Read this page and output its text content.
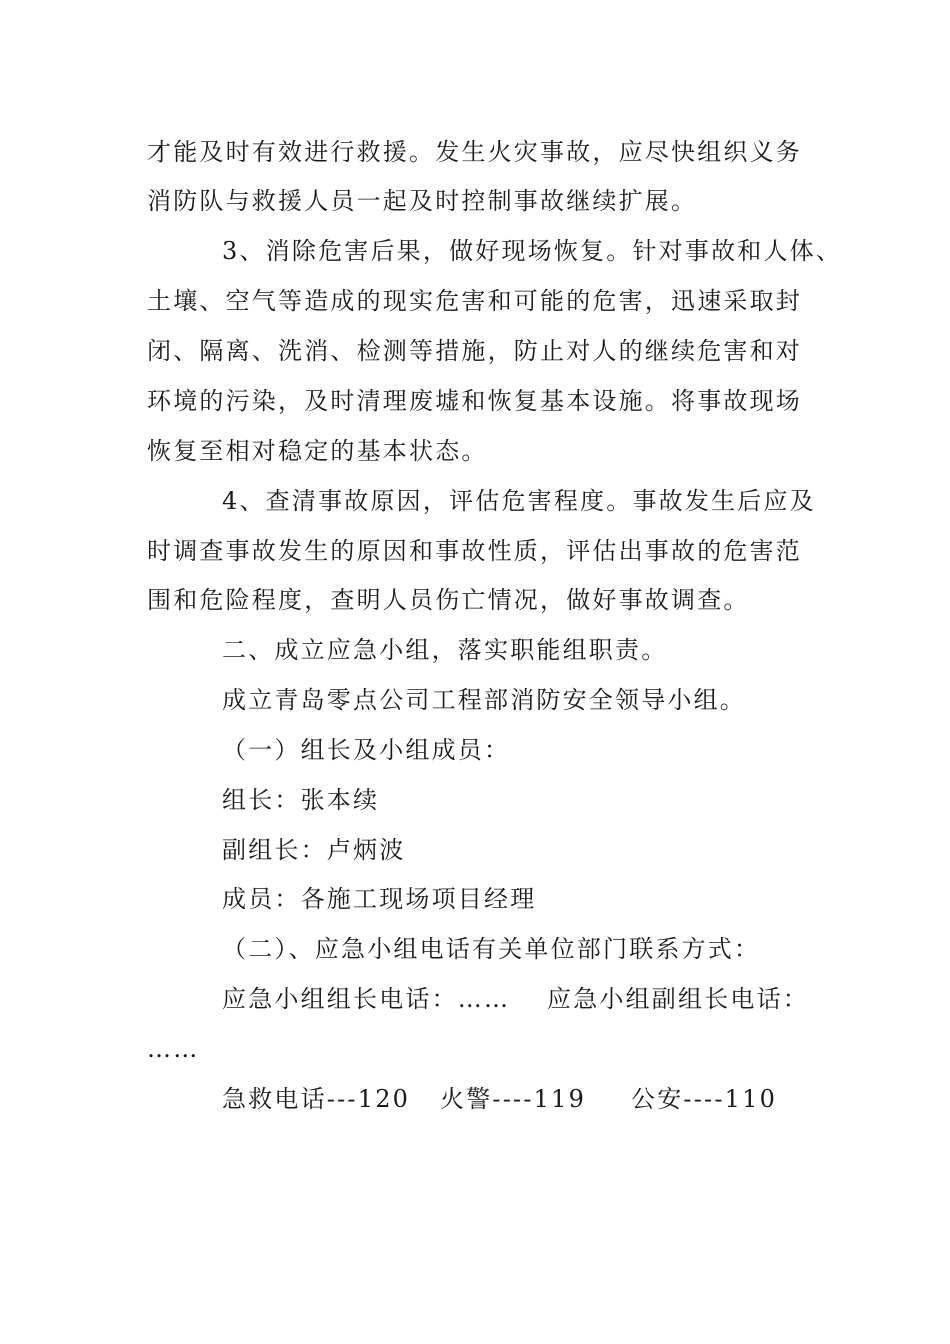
才能及时有效进行救援。发生火灾事故，应尽快组织义务
消防队与救援人员一起及时控制事故继续扩展。
3、消除危害后果，做好现场恢复。针对事故和人体、
土壤、空气等造成的现实危害和可能的危害，迅速采取封
闭、隔离、洗消、检测等措施，防止对人的继续危害和对
环境的污染，及时清理废墟和恢复基本设施。将事故现场
恢复至相对稳定的基本状态。
4、查清事故原因，评估危害程度。事故发生后应及
时调查事故发生的原因和事故性质，评估出事故的危害范
围和危险程度，查明人员伤亡情况，做好事故调查。
二、成立应急小组，落实职能组职责。
成立青岛零点公司工程部消防安全领导小组。
（一）组长及小组成员：
组长：张本续
副组长：卢炳波
成员：各施工现场项目经理
（二）、应急小组电话有关单位部门联系方式：
应急小组组长电话：…… 应急小组副组长电话：
……
急救电话---120 火警----119 公安----110
